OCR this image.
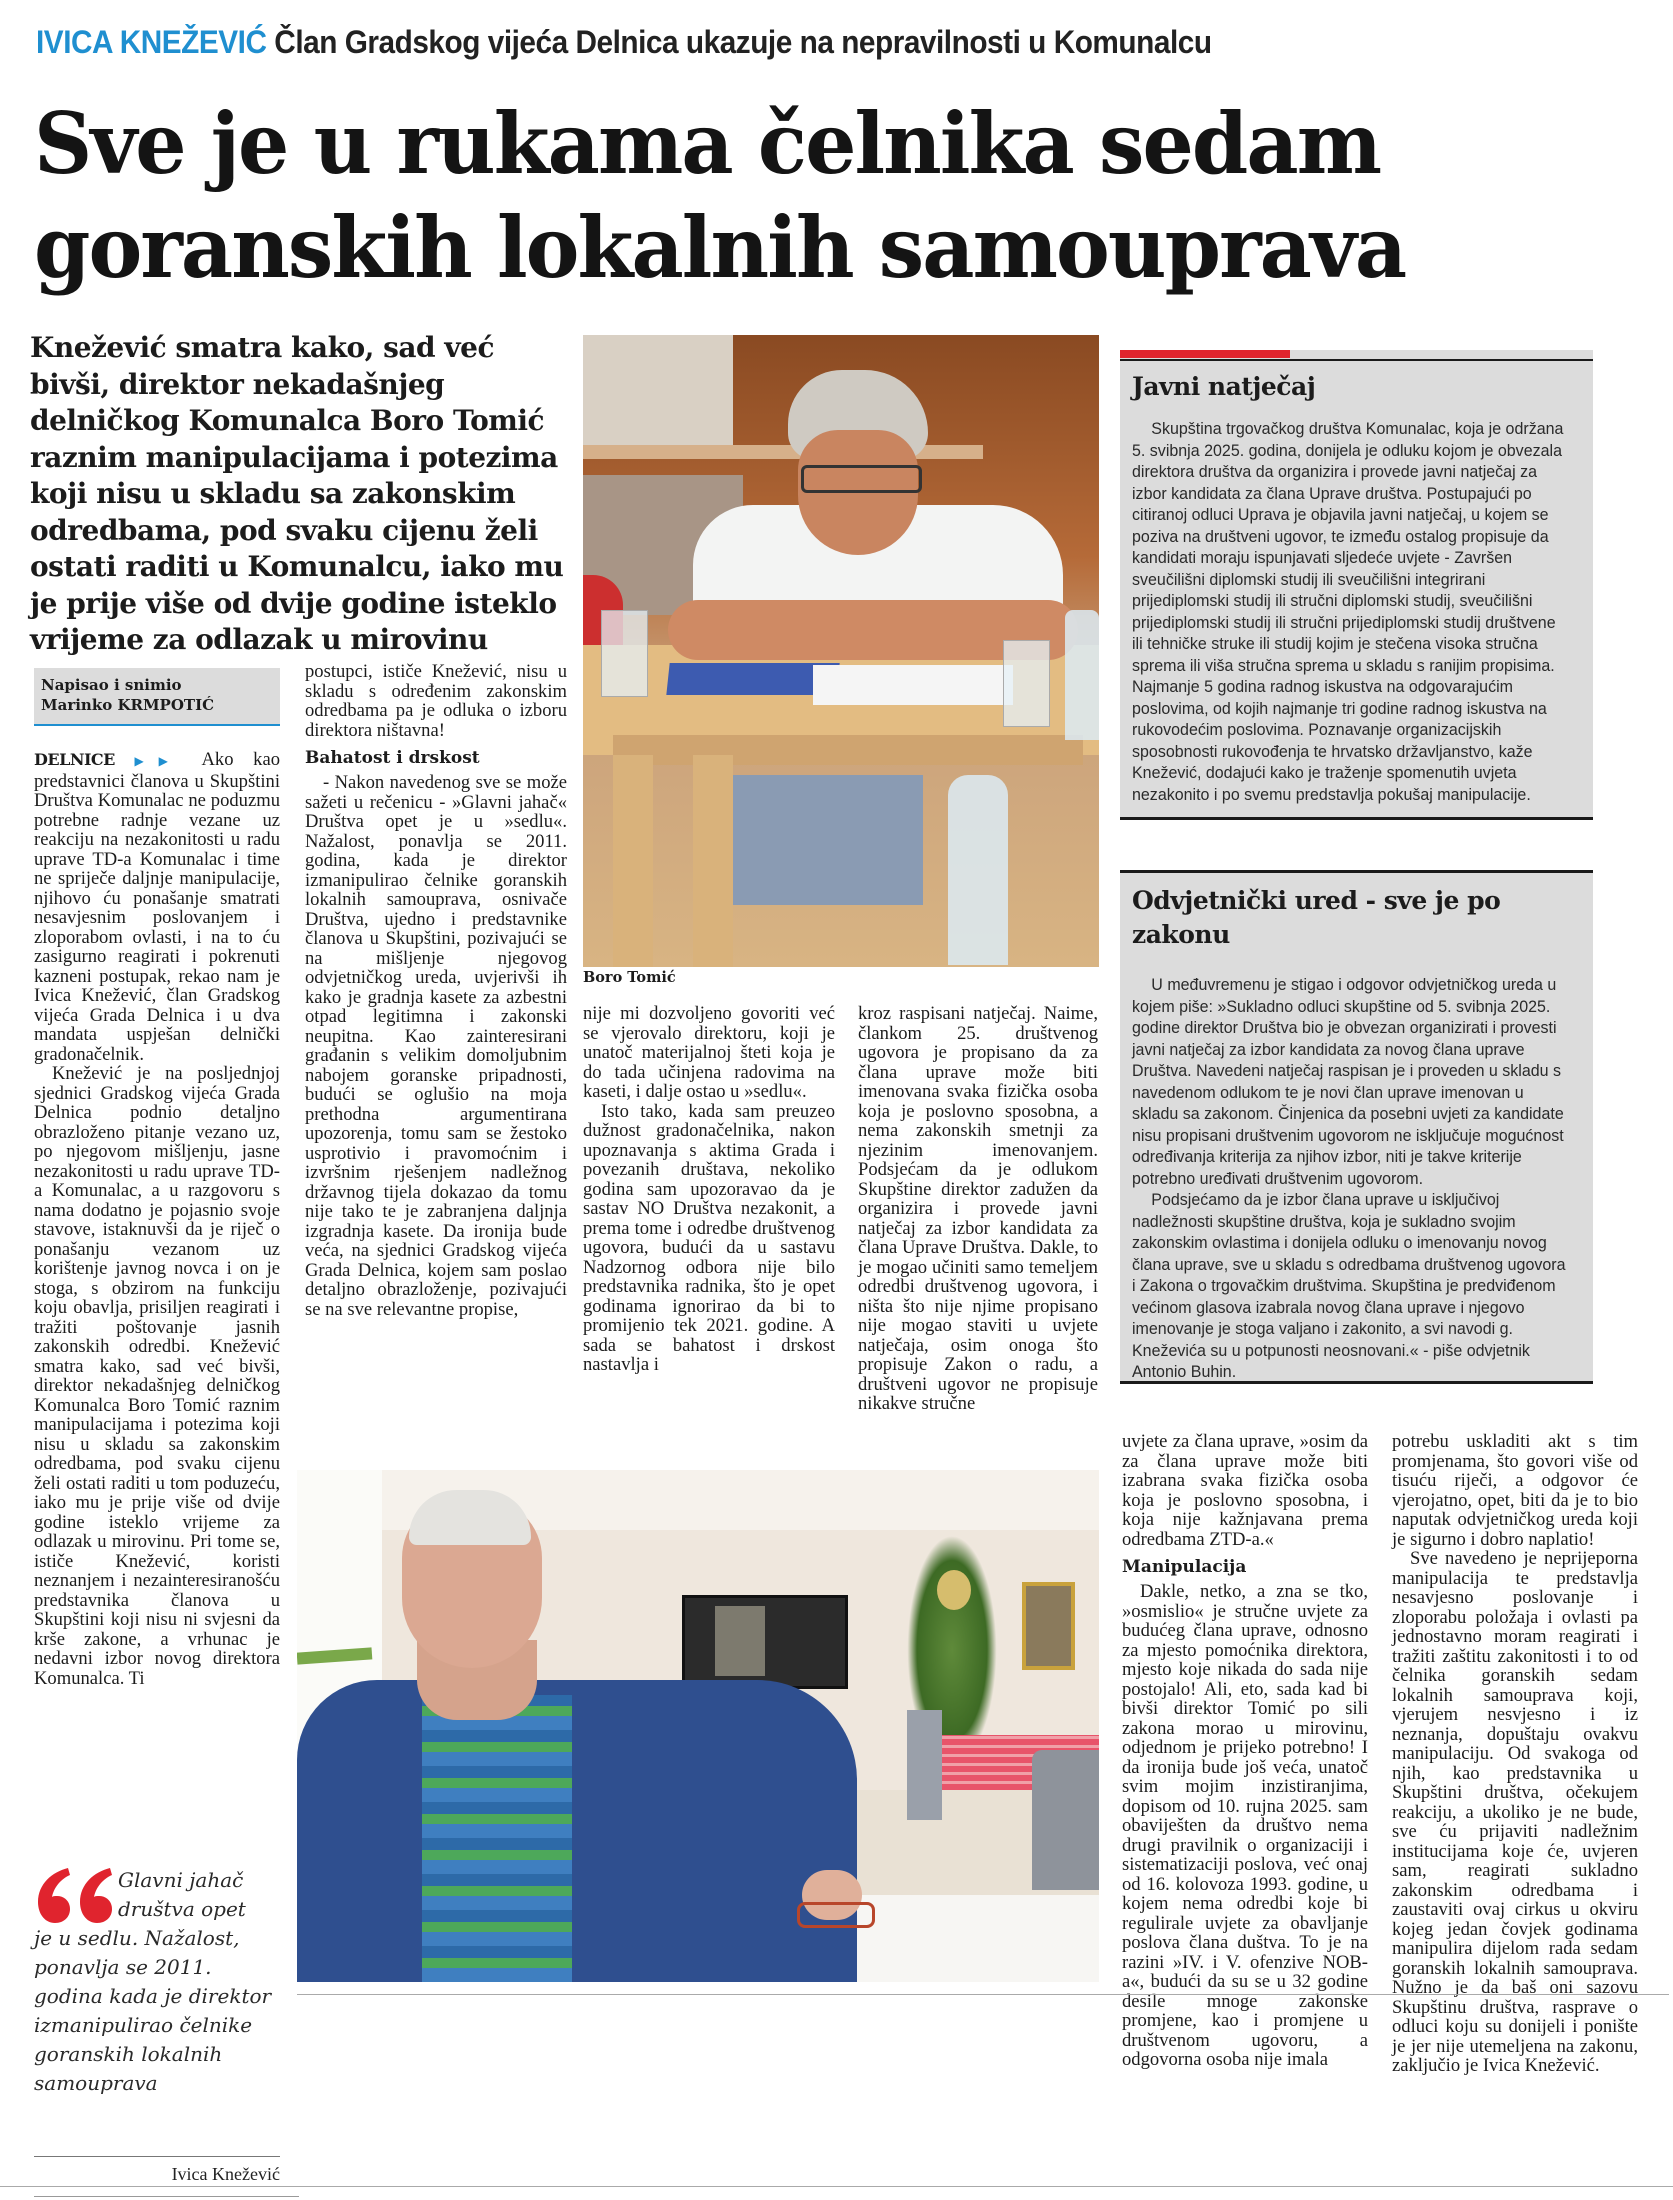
IVICA KNEŽEVIĆ Član Gradskog vijeća Delnica ukazuje na nepravilnosti u Komunalcu
Sve je u rukama čelnika sedam goranskih lokalnih samouprava
Knežević smatra kako, sad već bivši, direktor nekadašnjeg delničkog Komunalca Boro Tomić raznim manipulacijama i potezima koji nisu u skladu sa zakonskim odredbama, pod svaku cijenu želi ostati raditi u Komunalcu, iako mu je prije više od dvije godine isteklo vrijeme za odlazak u mirovinu
Boro Tomić
Napisao i snimio
Marinko KRMPOTIĆ

DELNICE ▶▶ Ako kao predstavnici članova u Skupštini Društva Komunalac ne poduzmu potrebne radnje vezane uz reakciju na nezakonitosti u radu uprave TD-a Komunalac i time ne spriječe daljnje manipulacije, njihovo ću ponašanje smatrati nesavjesnim poslovanjem i zloporabom ovlasti, i na to ću zasigurno reagirati i pokrenuti kazneni postupak, rekao nam je Ivica Knežević, član Gradskog vijeća Grada Delnica i u dva mandata uspješan delnički gradonačelnik.

Knežević je na posljednjoj sjednici Gradskog vijeća Grada Delnica podnio detaljno obrazloženo pitanje vezano uz, po njegovom mišljenju, jasne nezakonitosti u radu uprave TD-a Komunalac, a u razgovoru s nama dodatno je pojasnio svoje stavove, istaknuvši da je riječ o ponašanju vezanom uz korištenje javnog novca i on je stoga, s obzirom na funkciju koju obavlja, prisiljen reagirati i tražiti poštovanje jasnih zakonskih odredbi. Knežević smatra kako, sad već bivši, direktor nekadašnjeg delničkog Komunalca Boro Tomić raznim manipulacijama i potezima koji nisu u skladu sa zakonskim odredbama, pod svaku cijenu želi ostati raditi u tom poduzeću, iako mu je prije više od dvije godine isteklo vrijeme za odlazak u mirovinu. Pri tome se, ističe Knežević, koristi neznanjem i nezainteresiranošću predstavnika članova u Skupštini koji nisu ni svjesni da krše zakone, a vrhunac je nedavni izbor novog direktora Komunalca. Ti

postupci, ističe Knežević, nisu u skladu s određenim zakonskim odredbama pa je odluka o izboru direktora ništavna!

Bahatost i drskost

- Nakon navedenog sve se može sažeti u rečenicu - »Glavni jahač« Društva opet je u »sedlu«. Nažalost, ponavlja se 2011. godina, kada je direktor izmanipulirao čelnike goranskih lokalnih samouprava, osnivače Društva, ujedno i predstavnike članova u Skupštini, pozivajući se na mišljenje njegovog odvjetničkog ureda, uvjerivši ih kako je gradnja kasete za azbestni otpad legitimna i zakonski neupitna. Kao zainteresirani građanin s velikim domoljubnim nabojem goranske pripadnosti, budući se oglušio na moja prethodna argumentirana upozorenja, tomu sam se žestoko usprotivio i pravomoćnim i izvršnim rješenjem nadležnog državnog tijela dokazao da tomu nije tako te je zabranjena daljnja izgradnja kasete. Da ironija bude veća, na sjednici Gradskog vijeća Grada Delnica, kojem sam poslao detaljno obrazloženje, pozivajući se na sve relevantne propise,

nije mi dozvoljeno govoriti već se vjerovalo direktoru, koji je unatoč materijalnoj šteti koja je do tada učinjena radovima na kaseti, i dalje ostao u »sedlu«.

Isto tako, kada sam preuzeo dužnost gradonačelnika, nakon upoznavanja s aktima Grada i povezanih društava, nekoliko godina sam upozoravao da je sastav NO Društva nezakonit, a prema tome i odredbe društvenog ugovora, budući da u sastavu Nadzornog odbora nije bilo predstavnika radnika, što je opet godinama ignorirao da bi to promijenio tek 2021. godine. A sada se bahatost i drskost nastavlja i

kroz raspisani natječaj. Naime, člankom 25. društvenog ugovora je propisano da za člana uprave može biti imenovana svaka fizička osoba koja je poslovno sposobna, a nema zakonskih smetnji za njezinim imenovanjem. Podsjećam da je odlukom Skupštine direktor zadužen da organizira i provede javni natječaj za izbor kandidata za člana Uprave Društva. Dakle, to je mogao učiniti samo temeljem odredbi društvenog ugovora, i ništa što nije njime propisano nije mogao staviti u uvjete natječaja, osim onoga što propisuje Zakon o radu, a društveni ugovor ne propisuje nikakve stručne

uvjete za člana uprave, »osim da za člana uprave može biti izabrana svaka fizička osoba koja je poslovno sposobna, i koja nije kažnjavana prema odredbama ZTD-a.«

Manipulacija

Dakle, netko, a zna se tko, »osmislio« je stručne uvjete za budućeg člana uprave, odnosno za mjesto pomoćnika direktora, mjesto koje nikada do sada nije postojalo! Ali, eto, sada kad bi bivši direktor Tomić po sili zakona morao u mirovinu, odjednom je prijeko potrebno! I da ironija bude još veća, unatoč svim mojim inzistiranjima, dopisom od 10. rujna 2025. sam obaviješten da društvo nema drugi pravilnik o organizaciji i sistematizaciji poslova, već onaj od 16. kolovoza 1993. godine, u kojem nema odredbi koje bi regulirale uvjete za obavljanje poslova člana duštva. To je na razini »IV. i V. ofenzive NOB-a«, budući da su se u 32 godine desile mnoge zakonske promjene, kao i promjene u društvenom ugovoru, a odgovorna osoba nije imala

potrebu uskladiti akt s tim promjenama, što govori više od tisuću riječi, a odgovor će vjerojatno, opet, biti da je to bio naputak odvjetničkog ureda koji je sigurno i dobro naplatio!

Sve navedeno je neprijeporna manipulacija te predstavlja nesavjesno poslovanje i zloporabu položaja i ovlasti pa jednostavno moram reagirati i tražiti zaštitu zakonitosti i to od čelnika goranskih sedam lokalnih samouprava koji, vjerujem nesvjesno i iz neznanja, dopuštaju ovakvu manipulaciju. Od svakoga od njih, kao predstavnika u Skupštini društva, očekujem reakciju, a ukoliko je ne bude, sve ću prijaviti nadležnim institucijama koje će, uvjeren sam, reagirati sukladno zakonskim odredbama i zaustaviti ovaj cirkus u okviru kojeg jedan čovjek godinama manipulira dijelom rada sedam goranskih lokalnih samouprava. Nužno je da baš oni sazovu Skupštinu društva, rasprave o odluci koju su donijeli i ponište je jer nije utemeljena na zakonu, zaključio je Ivica Knežević.

Glavni jahač društva opet
je u sedlu. Nažalost, ponavlja se 2011. godina kada je direktor izmanipulirao čelnike goranskih lokalnih samouprava
Ivica Knežević
Javni natječaj

Skupština trgovačkog društva Komunalac, koja je održana 5. svibnja 2025. godina, donijela je odluku kojom je obvezala direktora društva da organizira i provede javni natječaj za izbor kandidata za člana Uprave društva. Postupajući po citiranoj odluci Uprava je objavila javni natječaj, u kojem se poziva na društveni ugovor, te između ostalog propisuje da kandidati moraju ispunjavati sljedeće uvjete - Završen sveučilišni diplomski studij ili sveučilišni integrirani prijediplomski studij ili stručni diplomski studij, sveučilišni prijediplomski studij ili stručni prijediplomski studij društvene ili tehničke struke ili studij kojim je stečena visoka stručna sprema ili viša stručna sprema u skladu s ranijim propisima. Najmanje 5 godina radnog iskustva na odgovarajućim poslovima, od kojih najmanje tri godine radnog iskustva na rukovodećim poslovima. Poznavanje organizacijskih sposobnosti rukovođenja te hrvatsko državljanstvo, kaže Knežević, dodajući kako je traženje spomenutih uvjeta nezakonito i po svemu predstavlja pokušaj manipulacije.

Odvjetnički ured - sve je po zakonu

U međuvremenu je stigao i odgovor odvjetničkog ureda u kojem piše: »Sukladno odluci skupštine od 5. svibnja 2025. godine direktor Društva bio je obvezan organizirati i provesti javni natječaj za izbor kandidata za novog člana uprave Društva. Navedeni natječaj raspisan je i proveden u skladu s navedenom odlukom te je novi član uprave imenovan u skladu sa zakonom. Činjenica da posebni uvjeti za kandidate nisu propisani društvenim ugovorom ne isključuje mogućnost određivanja kriterija za njihov izbor, niti je takve kriterije potrebno uređivati društvenim ugovorom.

Podsjećamo da je izbor člana uprave u isključivoj nadležnosti skupštine društva, koja je sukladno svojim zakonskim ovlastima i donijela odluku o imenovanju novog člana uprave, sve u skladu s odredbama društvenog ugovora i Zakona o trgovačkim društvima. Skupština je predviđenom većinom glasova izabrala novog člana uprave i njegovo imenovanje je stoga valjano i zakonito, a svi navodi g. Kneževića su u potpunosti neosnovani.« - piše odvjetnik Antonio Buhin.
